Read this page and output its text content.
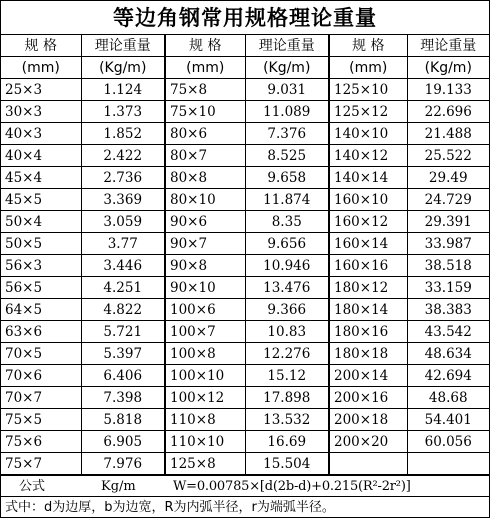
等边角钢常用规格理论重量
规 格	理论重量	规 格	理论重量	规 格	理论重量
(mm)	(Kg/m)	(mm)	(Kg/m)	(mm)	(Kg/m)
25×3	1.124	75×8	9.031	125×10	19.133
30×3	1.373	75×10	11.089	125×12	22.696
40×3	1.852	80×6	7.376	140×10	21.488
40×4	2.422	80×7	8.525	140×12	25.522
45×4	2.736	80×8	9.658	140×14	29.49
45×5	3.369	80×10	11.874	160×10	24.729
50×4	3.059	90×6	8.35	160×12	29.391
50×5	3.77	90×7	9.656	160×14	33.987
56×3	3.446	90×8	10.946	160×16	38.518
56×5	4.251	90×10	13.476	180×12	33.159
64×5	4.822	100×6	9.366	180×14	38.383
63×6	5.721	100×7	10.83	180×16	43.542
70×5	5.397	100×8	12.276	180×18	48.634
70×6	6.406	100×10	15.12	200×14	42.694
70×7	7.398	100×12	17.898	200×16	48.68
75×5	5.818	110×8	13.532	200×18	54.401
75×6	6.905	110×10	16.69	200×20	60.056
75×7	7.976	125×8	15.504		
公式	Kg/m	W=0.00785×[d(2b-d)+0.215(R²-2r²)]
式中：d为边厚，b为边宽，R为内弧半径，r为端弧半径。
